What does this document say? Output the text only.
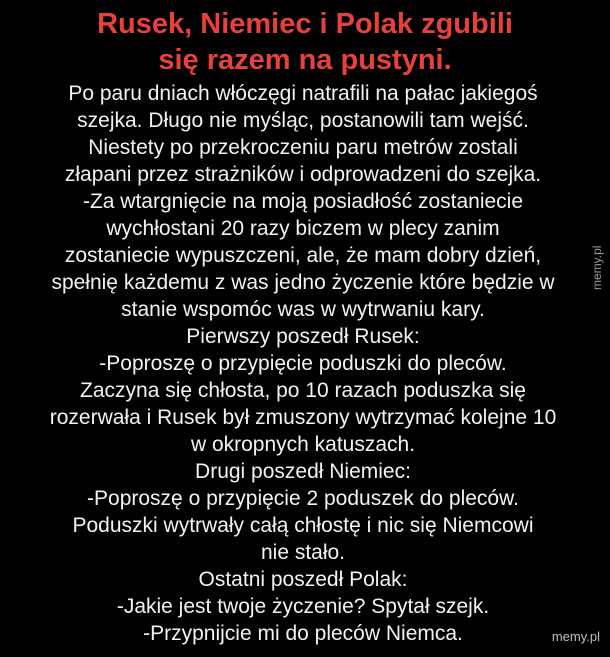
Rusek, Niemiec i Polak zgubili
się razem na pustyni.
Po paru dniach włóczęgi natrafili na pałac jakiegoś
szejka. Długo nie myśląc, postanowili tam wejść.
Niestety po przekroczeniu paru metrów zostali
złapani przez strażników i odprowadzeni do szejka.
-Za wtargnięcie na moją posiadłość zostaniecie
wychłostani 20 razy biczem w plecy zanim
zostaniecie wypuszczeni, ale, że mam dobry dzień,
spełnię każdemu z was jedno życzenie które będzie w
stanie wspomóc was w wytrwaniu kary.
Pierwszy poszedł Rusek:
-Poproszę o przypięcie poduszki do pleców.
Zaczyna się chłosta, po 10 razach poduszka się
rozerwała i Rusek był zmuszony wytrzymać kolejne 10
w okropnych katuszach.
Drugi poszedł Niemiec:
-Poproszę o przypięcie 2 poduszek do pleców.
Poduszki wytrwały całą chłostę i nic się Niemcowi
nie stało.
Ostatni poszedł Polak:
-Jakie jest twoje życzenie? Spytał szejk.
-Przypnijcie mi do pleców Niemca.
memy.pl
memy.pl
